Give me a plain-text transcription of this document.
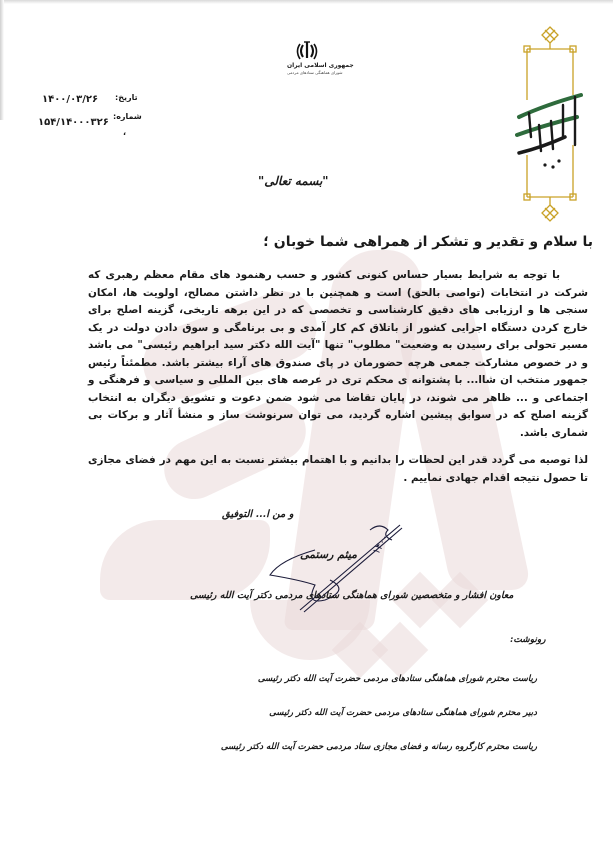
جمهوری اسلامی ایران
شورای هماهنگی ستادهای مردمی
تاریخ:
۱۴۰۰/۰۳/۲۶
شماره:
۱۵۴/۱۴۰۰۰۳۲۶
،
"بسمه تعالی"
با سلام و تقدیر و تشکر از همراهی شما خوبان ؛

با توجه به شرایط بسیار حساس کنونی کشور و حسب رهنمود های مقام معظم رهبری که شرکت در انتخابات (تواصی بالحق) است و همچنین با در نظر داشتن مصالح، اولویت ها، امکان سنجی ها و ارزیابی های دقیق کارشناسی و تخصصی که در این برهه تاریخی، گزینه اصلح برای خارج کردن دستگاه اجرایی کشور از باتلاق کم کار آمدی و بی برنامگی و سوق دادن دولت در یک مسیر تحولی برای رسیدن به وضعیت" مطلوب" تنها "آیت الله دکتر سید ابراهیم رئیسی" می باشد و در خصوص مشارکت جمعی هرچه حضورمان در پای صندوق های آراء بیشتر باشد. مطمئناً رئیس جمهور منتخب ان شاا... با پشتوانه ی محکم تری در عرصه های بین المللی و سیاسی و فرهنگی و اجتماعی و ... ظاهر می شوند، در پایان تقاضا می شود ضمن دعوت و تشویق دیگران به انتخاب گزینه اصلح که در سوابق پیشین اشاره گردید، می توان سرنوشت ساز و منشأ آثار و برکات بی شماری باشد.

لذا توصیه می گردد قدر این لحظات را بدانیم و با اهتمام بیشتر نسبت به این مهم در فضای مجازی تا حصول نتیجه اقدام جهادی نماییم .

و من ا... التوفیق
۱۴۰۰
میثم رستمی
معاون افشار و متخصصین شورای هماهنگی ستادهای مردمی دکتر آیت الله رئیسی
رونوشت:
ریاست محترم شورای هماهنگی ستادهای مردمی حضرت آیت الله دکتر رئیسی
دبیر محترم شورای هماهنگی ستادهای مردمی حضرت آیت الله دکتر رئیسی
ریاست محترم کارگروه رسانه و فضای مجازی ستاد مردمی حضرت آیت الله دکتر رئیسی
